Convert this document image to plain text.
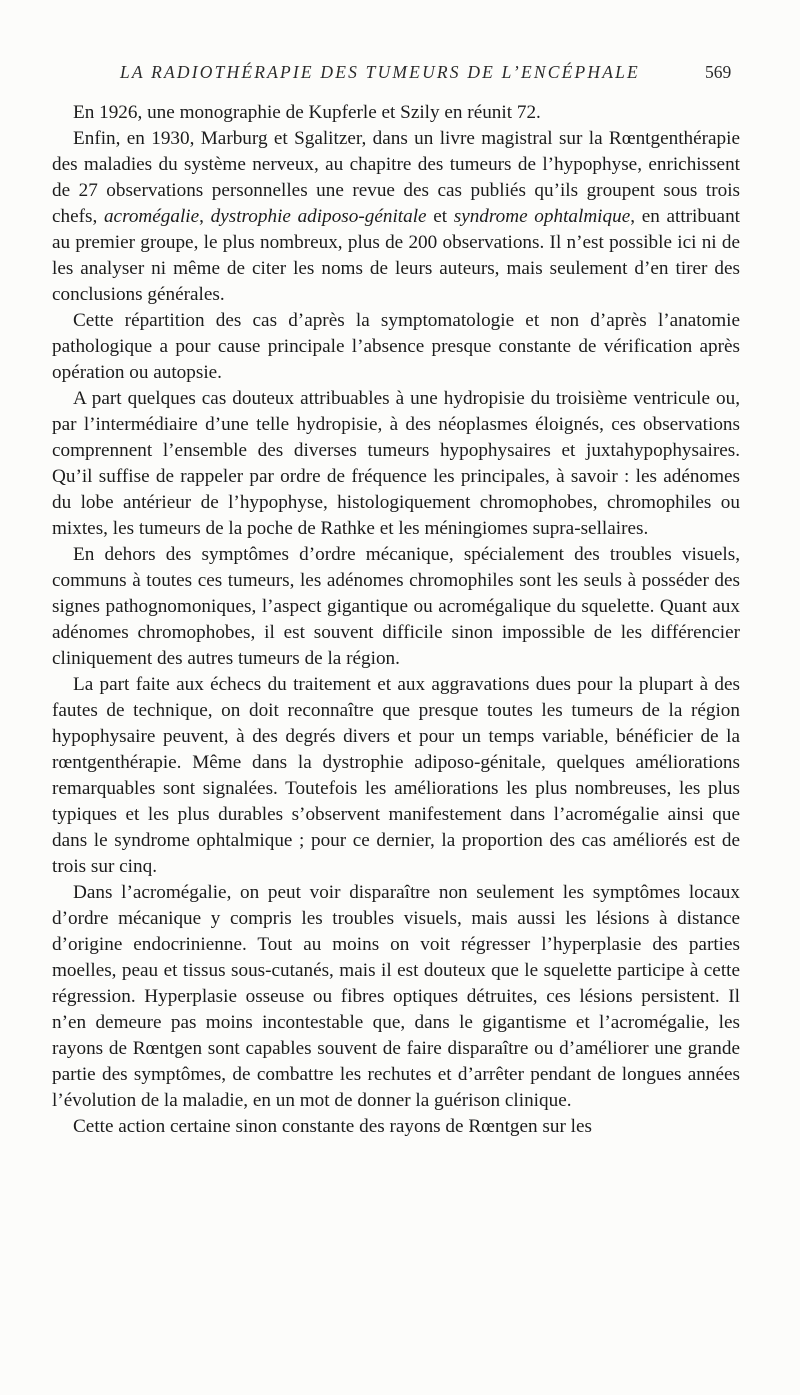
LA RADIOTHÉRAPIE DES TUMEURS DE L’ENCÉPHALE	569

En 1926, une monographie de Kupferle et Szily en réunit 72.

Enfin, en 1930, Marburg et Sgalitzer, dans un livre magistral sur la Rœntgenthérapie des maladies du système nerveux, au chapitre des tumeurs de l’hypophyse, enrichissent de 27 observations personnelles une revue des cas publiés qu’ils groupent sous trois chefs, acromégalie, dystrophie adiposo-génitale et syndrome ophtalmique, en attribuant au premier groupe, le plus nombreux, plus de 200 observations. Il n’est possible ici ni de les analyser ni même de citer les noms de leurs auteurs, mais seulement d’en tirer des conclusions générales.

Cette répartition des cas d’après la symptomatologie et non d’après l’anatomie pathologique a pour cause principale l’absence presque constante de vérification après opération ou autopsie.

A part quelques cas douteux attribuables à une hydropisie du troisième ventricule ou, par l’intermédiaire d’une telle hydropisie, à des néoplasmes éloignés, ces observations comprennent l’ensemble des diverses tumeurs hypophysaires et juxtahypophysaires. Qu’il suffise de rappeler par ordre de fréquence les principales, à savoir : les adénomes du lobe antérieur de l’hypophyse, histologiquement chromophobes, chromophiles ou mixtes, les tumeurs de la poche de Rathke et les méningiomes supra-sellaires.

En dehors des symptômes d’ordre mécanique, spécialement des troubles visuels, communs à toutes ces tumeurs, les adénomes chromophiles sont les seuls à posséder des signes pathognomoniques, l’aspect gigantique ou acromégalique du squelette. Quant aux adénomes chromophobes, il est souvent difficile sinon impossible de les différencier cliniquement des autres tumeurs de la région.

La part faite aux échecs du traitement et aux aggravations dues pour la plupart à des fautes de technique, on doit reconnaître que presque toutes les tumeurs de la région hypophysaire peuvent, à des degrés divers et pour un temps variable, bénéficier de la rœntgenthérapie. Même dans la dystrophie adiposo-génitale, quelques améliorations remarquables sont signalées. Toutefois les améliorations les plus nombreuses, les plus typiques et les plus durables s’observent manifestement dans l’acromégalie ainsi que dans le syndrome ophtalmique ; pour ce dernier, la proportion des cas améliorés est de trois sur cinq.

Dans l’acromégalie, on peut voir disparaître non seulement les symptômes locaux d’ordre mécanique y compris les troubles visuels, mais aussi les lésions à distance d’origine endocrinienne. Tout au moins on voit régresser l’hyperplasie des parties moelles, peau et tissus sous-cutanés, mais il est douteux que le squelette participe à cette régression. Hyperplasie osseuse ou fibres optiques détruites, ces lésions persistent. Il n’en demeure pas moins incontestable que, dans le gigantisme et l’acromégalie, les rayons de Rœntgen sont capables souvent de faire disparaître ou d’améliorer une grande partie des symptômes, de combattre les rechutes et d’arrêter pendant de longues années l’évolution de la maladie, en un mot de donner la guérison clinique.

Cette action certaine sinon constante des rayons de Rœntgen sur les
